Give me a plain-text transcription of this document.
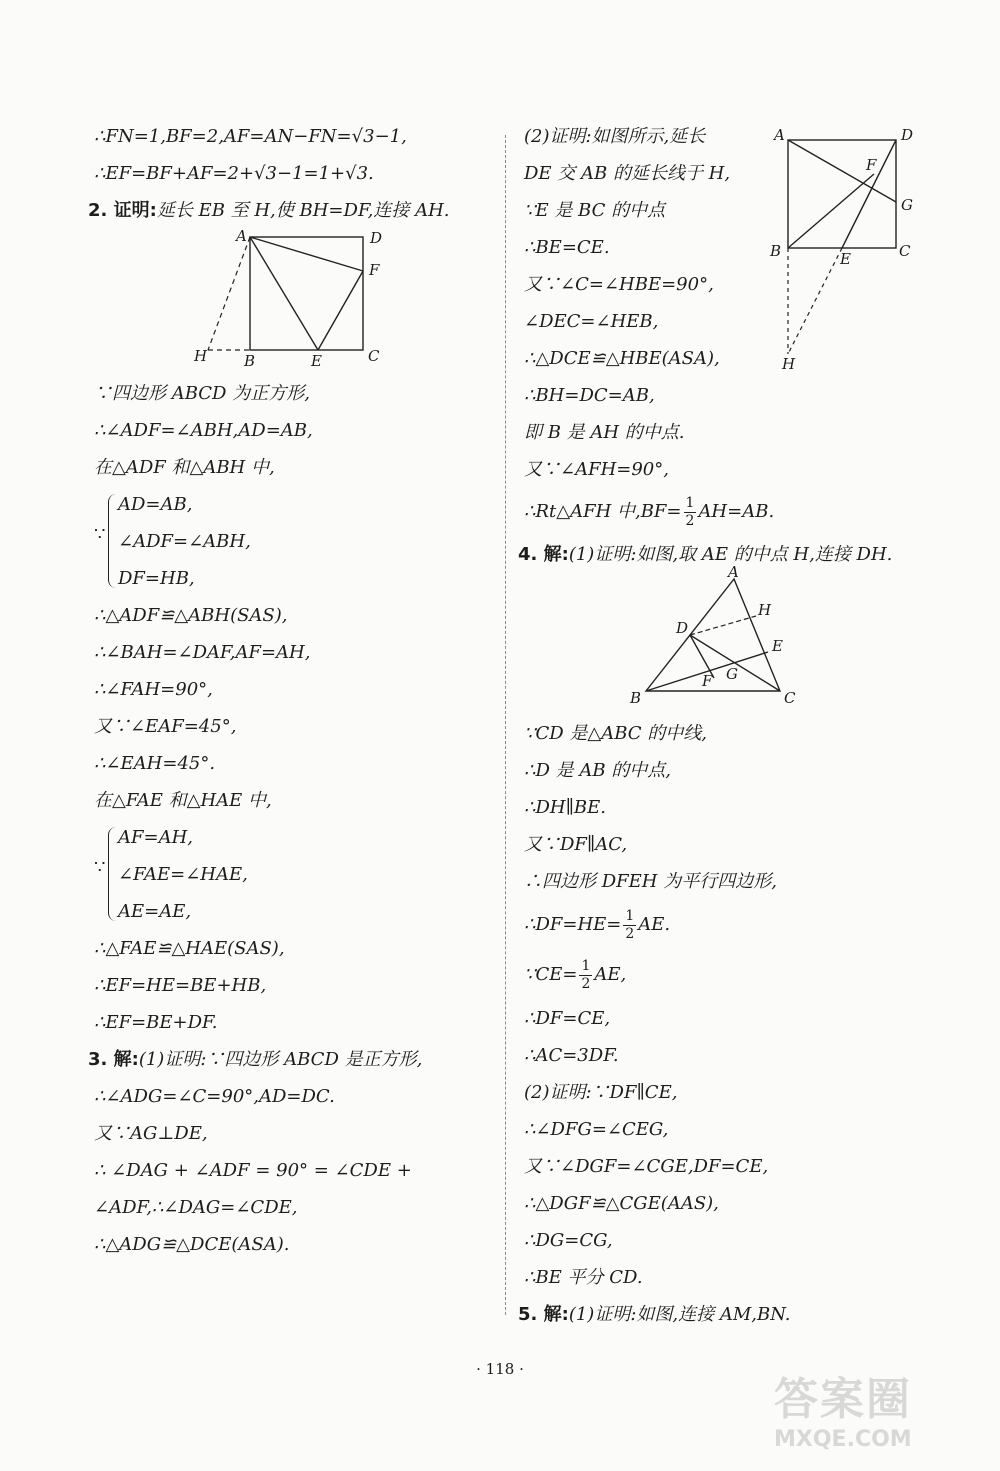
∴FN=1,BF=2,AF=AN−FN=√3−1,
∴EF=BF+AF=2+√3−1=1+√3.
2. 证明:延长 EB 至 H,使 BH=DF,连接 AH.
A	D
F
H B	E	C
∵四边形 ABCD 为正方形,
∴∠ADF=∠ABH,AD=AB,
在△ADF 和△ABH 中,
∵
AD=AB,
∠ADF=∠ABH,
DF=HB,
∴△ADF≌△ABH(SAS),
∴∠BAH=∠DAF,AF=AH,
∴∠FAH=90°,
又∵∠EAF=45°,
∴∠EAH=45°.
在△FAE 和△HAE 中,
∵
AF=AH,
∠FAE=∠HAE,
AE=AE,
∴△FAE≌△HAE(SAS),
∴EF=HE=BE+HB,
∴EF=BE+DF.
3. 解:(1)证明:∵四边形 ABCD 是正方形,
∴∠ADG=∠C=90°,AD=DC.
又∵AG⊥DE,
∴ ∠DAG + ∠ADF = 90° = ∠CDE +
∠ADF,∴∠DAG=∠CDE,
∴△ADG≌△DCE(ASA).
A	D
F
G
B	E	C
H
(2)证明:如图所示,延长
DE 交 AB 的延长线于 H,
∵E 是 BC 的中点
∴BE=CE.
又∵∠C=∠HBE=90°,
∠DEC=∠HEB,
∴△DCE≌△HBE(ASA),
∴BH=DC=AB,
即 B 是 AH 的中点.
又∵∠AFH=90°,
∴Rt△AFH 中$,BF= \frac{1}{2} AH=AB$.
4. 解:(1)证明:如图,取 AE 的中点 H,连接 DH.
A
H
D
E
B
F G
C
∵CD 是△ABC 的中线,
∴D 是 AB 的中点,
∴DH∥BE.
又∵DF∥AC,
∴四边形 DFEH 为平行四边形,
∴DF=HE= $\frac{1}{2}$ AE.
∵CE= $\frac{1}{2}$ AE,
∴DF=CE,
∴AC=3DF.
(2)证明:∵DF∥CE,
∴∠DFG=∠CEG,
又∵∠DGF=∠CGE,DF=CE,
∴△DGF≌△CGE(AAS),
∴DG=CG,
∴BE 平分 CD.
5. 解:(1)证明:如图,连接 AM,BN.
· 118 ·
答案圈
MXQE.COM
